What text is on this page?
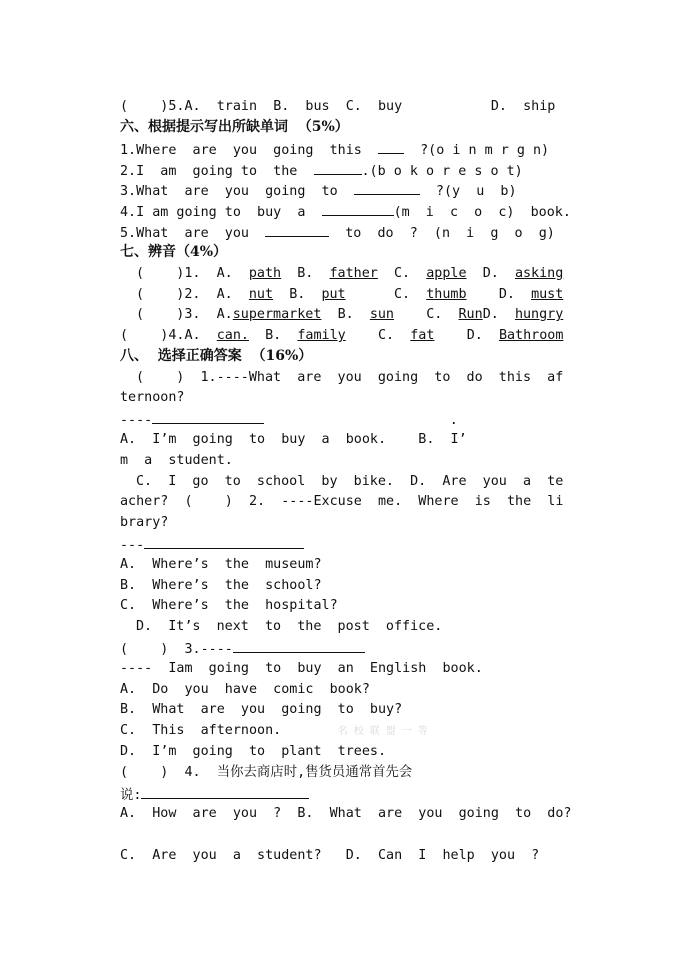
(    )5.A.  train B.  bus C.  buy	D.  ship
六、根据提示写出所缺单词  （5%）
1.Where  are  you  going  this	?(o i n m r g n)
2.I  am  going to  the	.(b o k o r e s o t)
3.What  are  you  going  to	?(y  u  b)
4.I am going to  buy  a	(m  i  c  o  c)  book.
5.What  are  you	to  do  ?  (n  i  g  o  g)
七、辨音（4%）
(    )1. A. path B. father C. apple D. asking
(    )2. A. nut B. put	C. thumb D. must
(    )3. A.supermarket B. sun C. RunD. hungry
(    )4.A. can. B. family C. fat D. Bathroom
八、  选择正确答案  （16%）
(    )  1.----What  are  you  going  to  do  this  af
ternoon?
----	.
A.  I’m  going  to  buy  a  book.    B.  I’
m  a  student.
C.  I  go  to  school  by  bike.  D.  Are  you  a  te
acher?  (    )  2.  ----Excuse  me.  Where  is  the  li
brary?
---
A.  Where’s  the  museum?
B.  Where’s  the  school?
C.  Where’s  the  hospital?
D.  It’s  next  to  the  post  office.
(    )  3.----
----  Iam  going  to  buy  an  English  book.
A.  Do  you  have  comic  book?
B.  What  are  you  going  to  buy?
C.  This  afternoon.	名 校 联 盟 一 等
D.  I’m  going  to  plant  trees.
(    )  4.  当你去商店时,售货员通常首先会
说:
A.  How  are  you  ?  B.  What  are  you  going  to  do?
C.  Are  you  a  student?   D.  Can  I  help  you  ?
